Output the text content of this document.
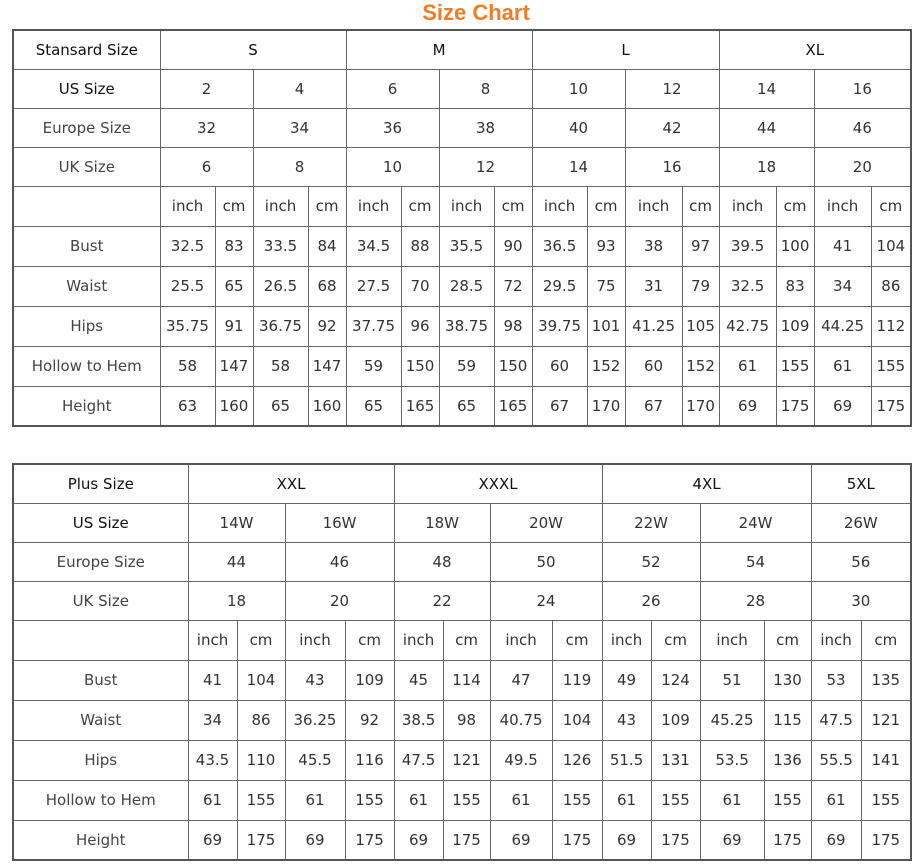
Size Chart
Stansard Size	S				M				L				XL			
US Size	2		4		6		8		10		12		14		16	
Europe Size	32		34		36		38		40		42		44		46	
UK Size	6		8		10		12		14		16		18		20	
	inch	cm	inch	cm	inch	cm	inch	cm	inch	cm	inch	cm	inch	cm	inch	cm
Bust	32.5	83	33.5	84	34.5	88	35.5	90	36.5	93	38	97	39.5	100	41	104
Waist	25.5	65	26.5	68	27.5	70	28.5	72	29.5	75	31	79	32.5	83	34	86
Hips	35.75	91	36.75	92	37.75	96	38.75	98	39.75	101	41.25	105	42.75	109	44.25	112
Hollow to Hem	58	147	58	147	59	150	59	150	60	152	60	152	61	155	61	155
Height	63	160	65	160	65	165	65	165	67	170	67	170	69	175	69	175
Plus Size	XXL				XXXL				4XL				5XL	
US Size	14W		16W		18W		20W		22W		24W		26W	
Europe Size	44		46		48		50		52		54		56	
UK Size	18		20		22		24		26		28		30	
	inch	cm	inch	cm	inch	cm	inch	cm	inch	cm	inch	cm	inch	cm
Bust	41	104	43	109	45	114	47	119	49	124	51	130	53	135
Waist	34	86	36.25	92	38.5	98	40.75	104	43	109	45.25	115	47.5	121
Hips	43.5	110	45.5	116	47.5	121	49.5	126	51.5	131	53.5	136	55.5	141
Hollow to Hem	61	155	61	155	61	155	61	155	61	155	61	155	61	155
Height	69	175	69	175	69	175	69	175	69	175	69	175	69	175
